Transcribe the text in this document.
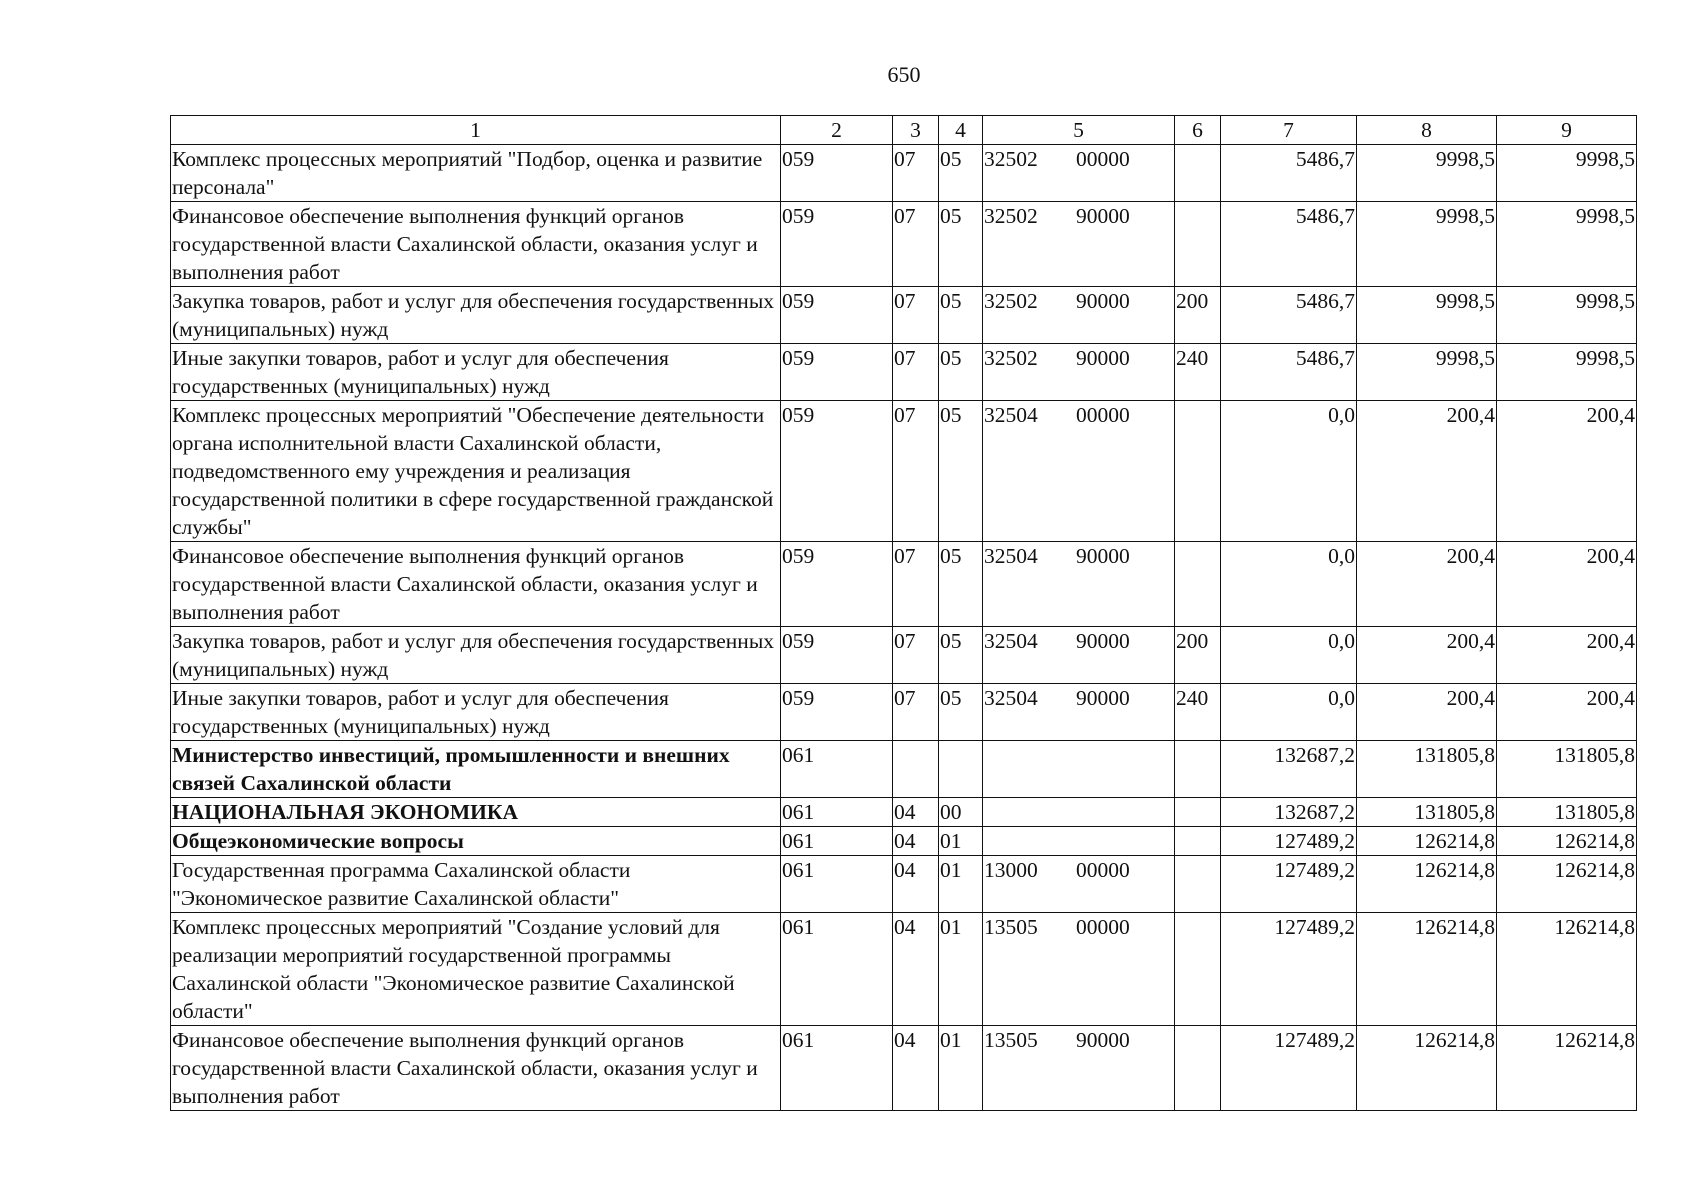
650
1	2	3	4	5	6	7	8	9
Комплекс процессных мероприятий "Подбор, оценка и развитие персонала"	059	07	05	32502 00000		5486,7	9998,5	9998,5
Финансовое обеспечение выполнения функций органов государственной власти Сахалинской области, оказания услуг и выполнения работ	059	07	05	32502 90000		5486,7	9998,5	9998,5
Закупка товаров, работ и услуг для обеспечения государственных (муниципальных) нужд	059	07	05	32502 90000	200	5486,7	9998,5	9998,5
Иные закупки товаров, работ и услуг для обеспечения государственных (муниципальных) нужд	059	07	05	32502 90000	240	5486,7	9998,5	9998,5
Комплекс процессных мероприятий "Обеспечение деятельности органа исполнительной власти Сахалинской области, подведомственного ему учреждения и реализация государственной политики в сфере государственной гражданской службы"	059	07	05	32504 00000		0,0	200,4	200,4
Финансовое обеспечение выполнения функций органов государственной власти Сахалинской области, оказания услуг и выполнения работ	059	07	05	32504 90000		0,0	200,4	200,4
Закупка товаров, работ и услуг для обеспечения государственных (муниципальных) нужд	059	07	05	32504 90000	200	0,0	200,4	200,4
Иные закупки товаров, работ и услуг для обеспечения государственных (муниципальных) нужд	059	07	05	32504 90000	240	0,0	200,4	200,4
Министерство инвестиций, промышленности и внешних связей Сахалинской области	061					132687,2	131805,8	131805,8
НАЦИОНАЛЬНАЯ ЭКОНОМИКА	061	04	00			132687,2	131805,8	131805,8
Общеэкономические вопросы	061	04	01			127489,2	126214,8	126214,8
Государственная программа Сахалинской области "Экономическое развитие Сахалинской области"	061	04	01	13000 00000		127489,2	126214,8	126214,8
Комплекс процессных мероприятий "Создание условий для реализации мероприятий государственной программы Сахалинской области "Экономическое развитие Сахалинской области"	061	04	01	13505 00000		127489,2	126214,8	126214,8
Финансовое обеспечение выполнения функций органов государственной власти Сахалинской области, оказания услуг и выполнения работ	061	04	01	13505 90000		127489,2	126214,8	126214,8
